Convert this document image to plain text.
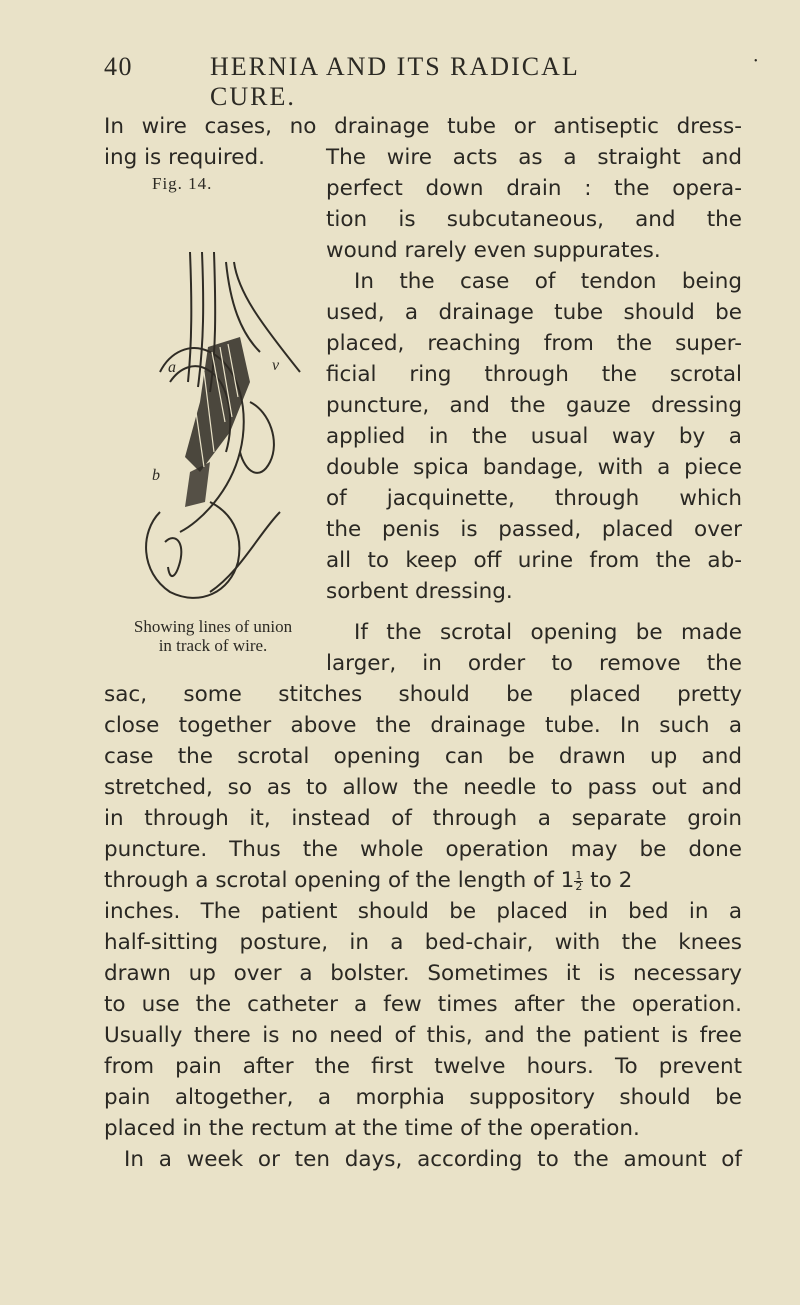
40	HERNIA AND ITS RADICAL CURE.
•
Fig. 14.
a	v
b
Showing lines of union
in track of wire.
In wire cases, no drainage tube or antiseptic dress-
ing is required.	The wire acts as a straight and
perfect down drain : the opera-
tion is subcutaneous, and the
wound rarely even suppurates.
In the case of tendon being
used, a drainage tube should be
placed, reaching from the super-
ficial ring through the scrotal
puncture, and the gauze dressing
applied in the usual way by a
double spica bandage, with a piece
of jacquinette, through which
the penis is passed, placed over
all to keep off urine from the ab-
sorbent dressing.
If the scrotal opening be made
larger, in order to remove the
sac, some stitches should be placed pretty
close together above the drainage tube. In such a
case the scrotal opening can be drawn up and
stretched, so as to allow the needle to pass out and
in through it, instead of through a separate groin
puncture. Thus the whole operation may be done
through a scrotal opening of the length of $1 \frac{1}{2}$ to 2
inches. The patient should be placed in bed in a
half-sitting posture, in a bed-chair, with the knees
drawn up over a bolster. Sometimes it is necessary
to use the catheter a few times after the operation.
Usually there is no need of this, and the patient is free
from pain after the first twelve hours. To prevent
pain altogether, a morphia suppository should be
placed in the rectum at the time of the operation.
In a week or ten days, according to the amount of
